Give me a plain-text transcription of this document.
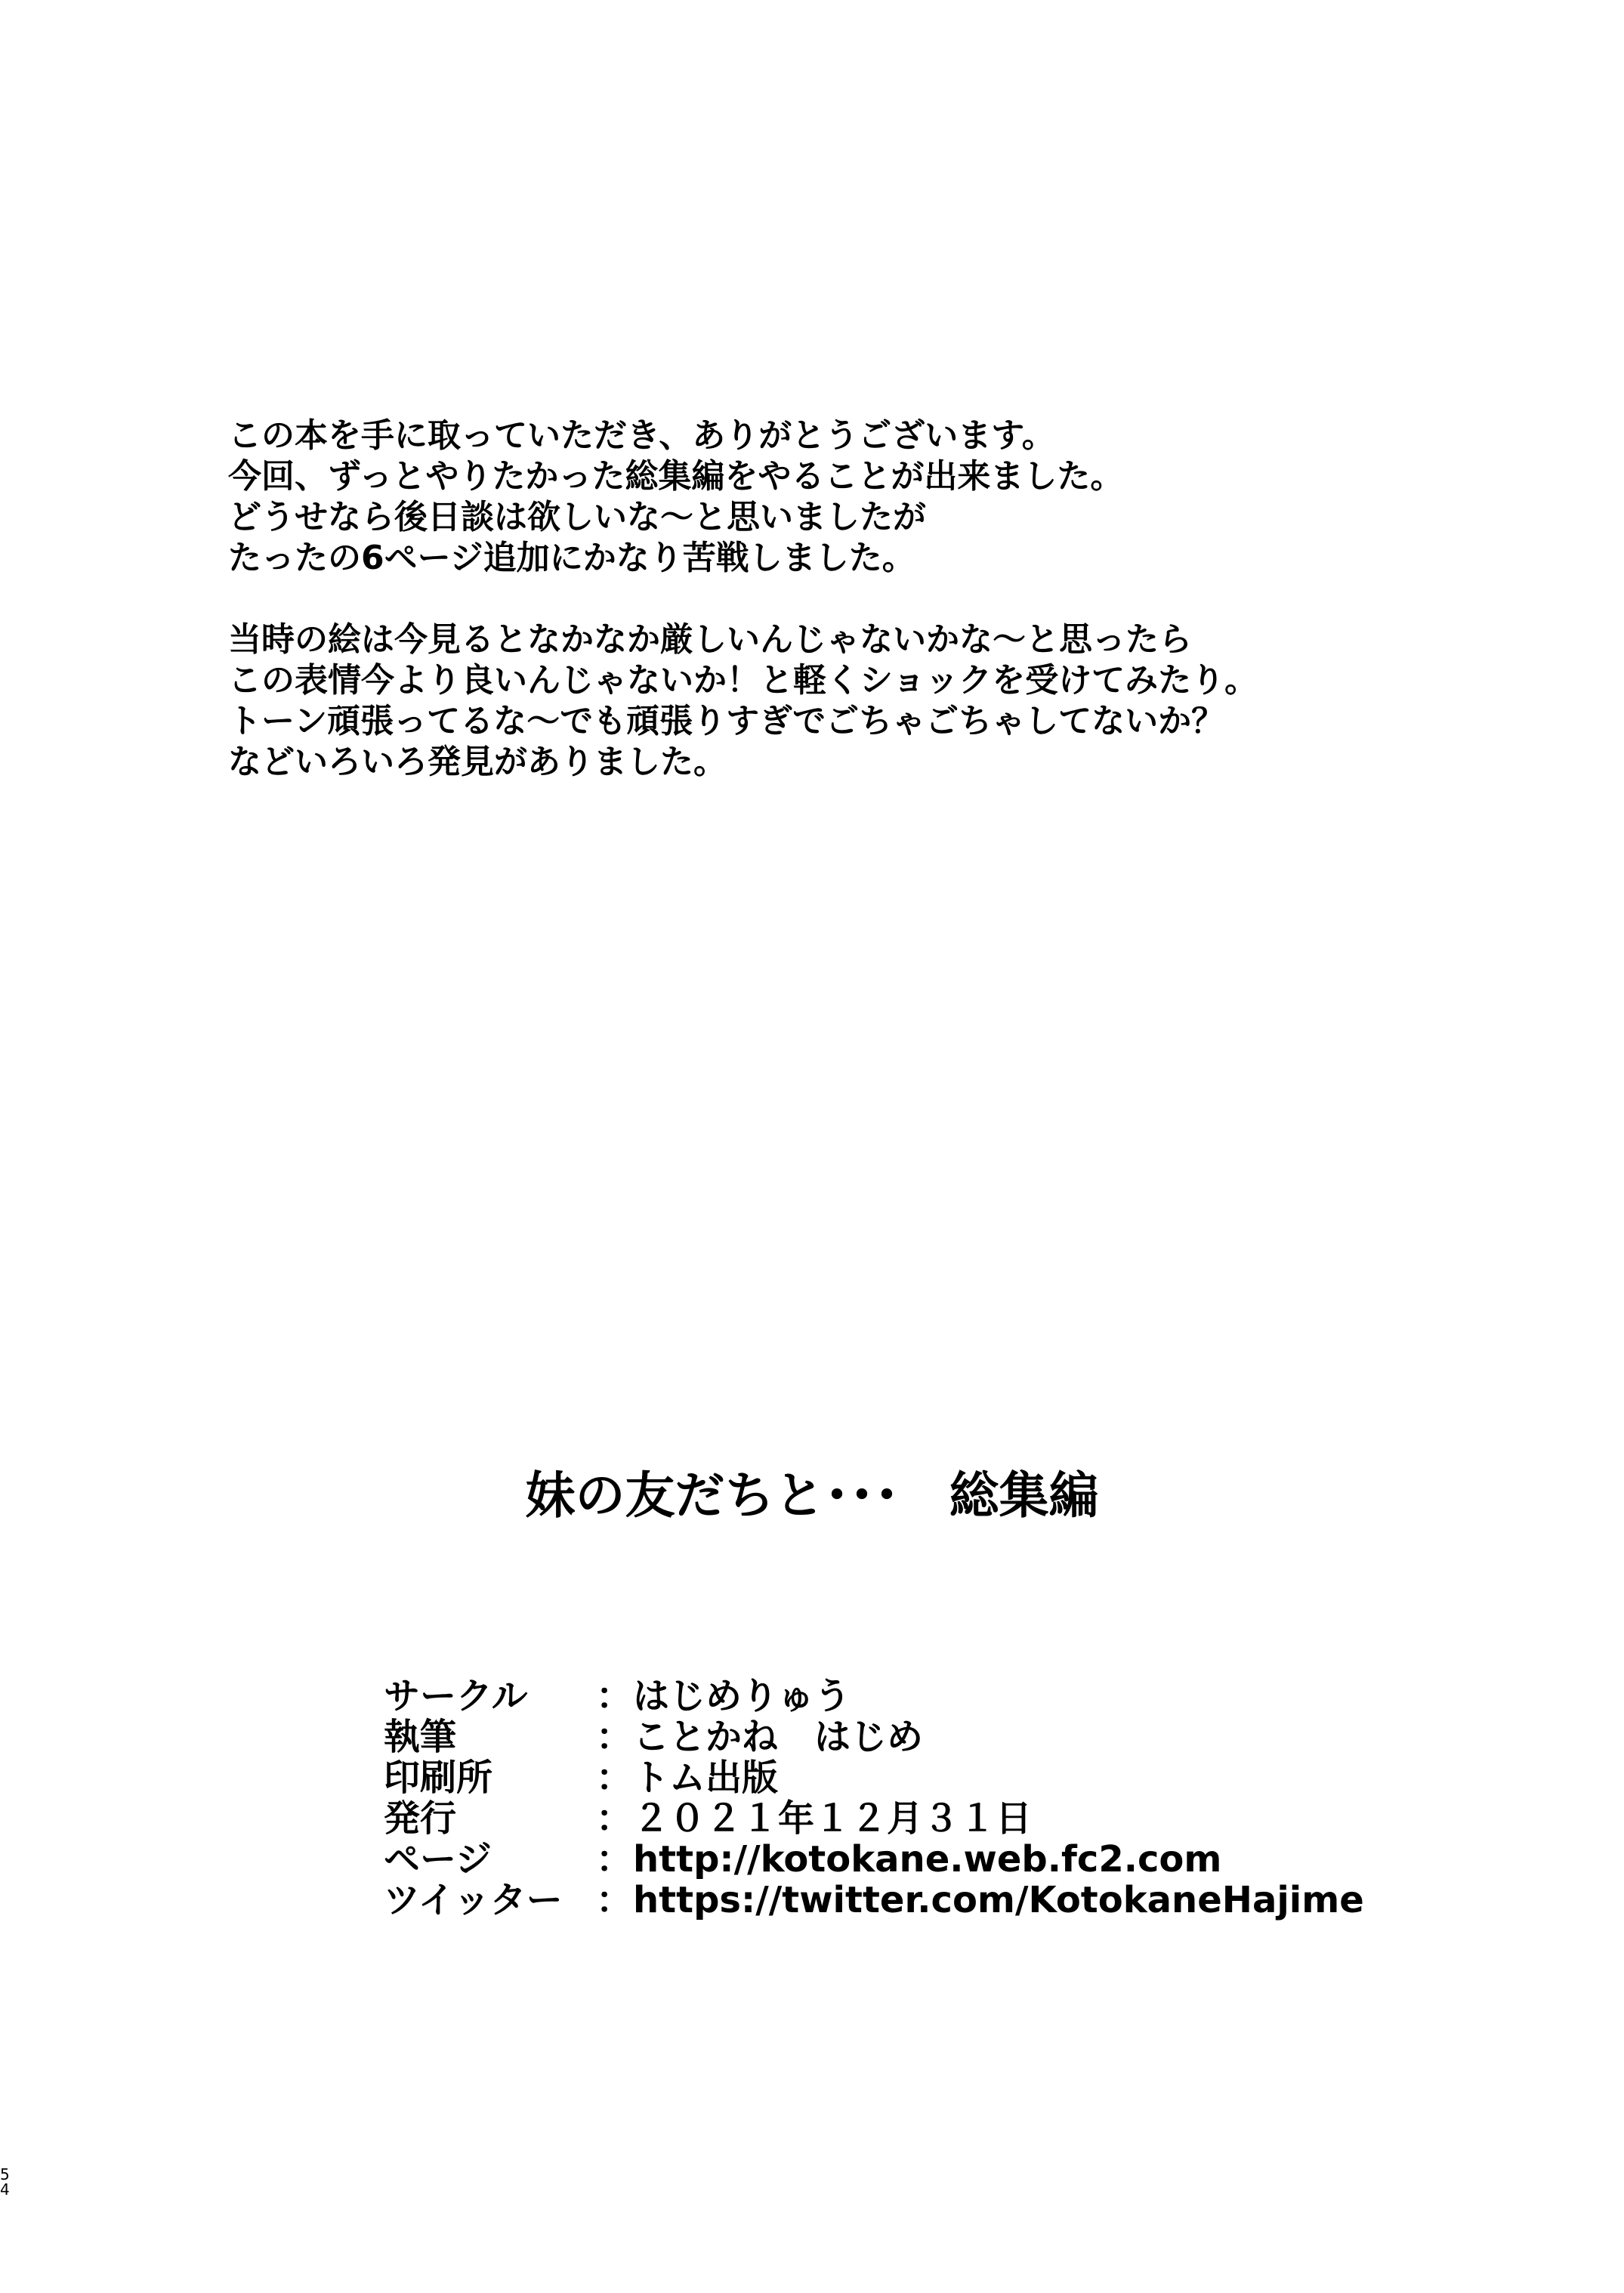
この本を手に取っていただき、ありがとうございます。
今回、ずっとやりたかった総集編をやることが出来ました。
どうせなら後日談は欲しいな～と思いましたが
たったの6ページ追加にかなり苦戦しました。

当時の絵は今見るとなかなか厳しいんじゃないかな～と思ったら
この表情今より良いんじゃないか！と軽くショックを受けてみたり。
トーン頑張ってるな～でも頑張りすぎでごちゃごちゃしてないか？
などいろいろ発見がありました。

妹の友だちと･･･　総集編
サークル	： はじめりゅう
執筆	： ことかね　はじめ
印刷所	： トム出版
発行	： ２０２１年１２月３１日
ページ	： http://kotokane.web.fc2.com
ツイッター ： https://twitter.com/KotokaneHajime
5
4
